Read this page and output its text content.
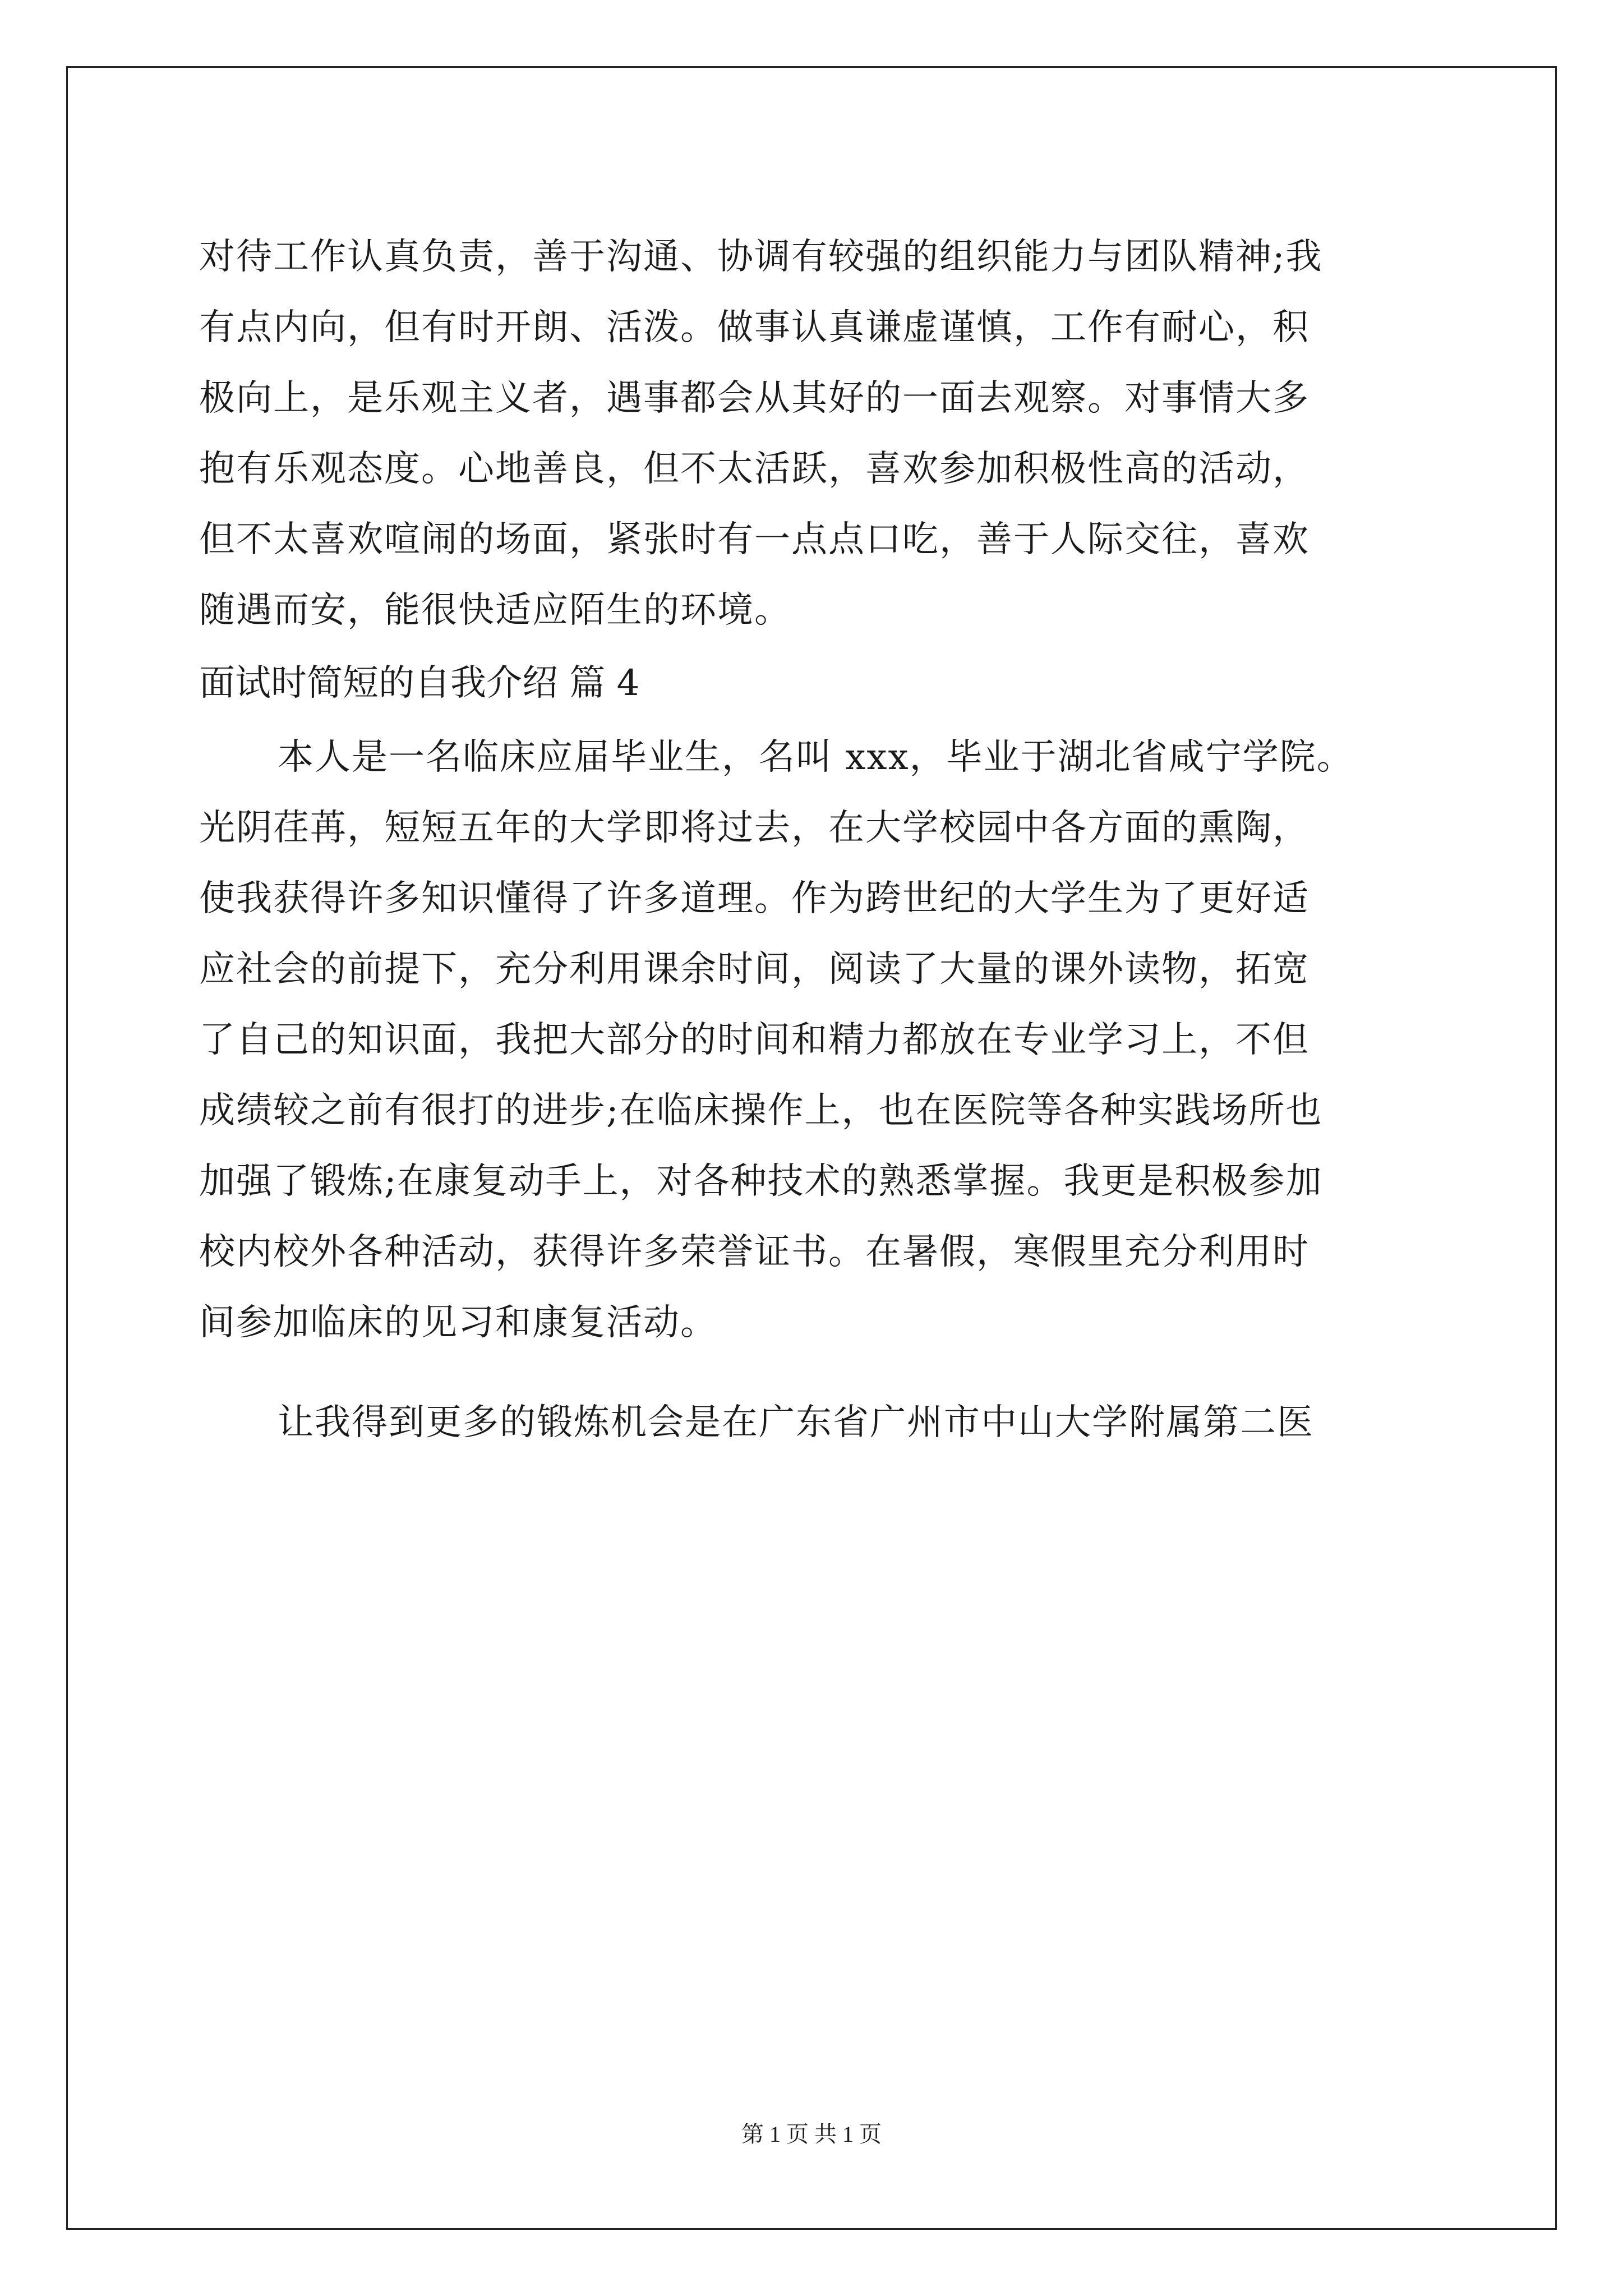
对待工作认真负责，善于沟通、协调有较强的组织能力与团队精神;我
有点内向，但有时开朗、活泼。做事认真谦虚谨慎，工作有耐心，积
极向上，是乐观主义者，遇事都会从其好的一面去观察。对事情大多
抱有乐观态度。心地善良，但不太活跃，喜欢参加积极性高的活动，
但不太喜欢喧闹的场面，紧张时有一点点口吃，善于人际交往，喜欢
随遇而安，能很快适应陌生的环境。
面试时简短的自我介绍 篇 4
本人是一名临床应届毕业生，名叫 xxx，毕业于湖北省咸宁学院。
光阴荏苒，短短五年的大学即将过去，在大学校园中各方面的熏陶，
使我获得许多知识懂得了许多道理。作为跨世纪的大学生为了更好适
应社会的前提下，充分利用课余时间，阅读了大量的课外读物，拓宽
了自己的知识面，我把大部分的时间和精力都放在专业学习上，不但
成绩较之前有很打的进步;在临床操作上，也在医院等各种实践场所也
加强了锻炼;在康复动手上，对各种技术的熟悉掌握。我更是积极参加
校内校外各种活动，获得许多荣誉证书。在暑假，寒假里充分利用时
间参加临床的见习和康复活动。
让我得到更多的锻炼机会是在广东省广州市中山大学附属第二医
第 1 页 共 1 页
